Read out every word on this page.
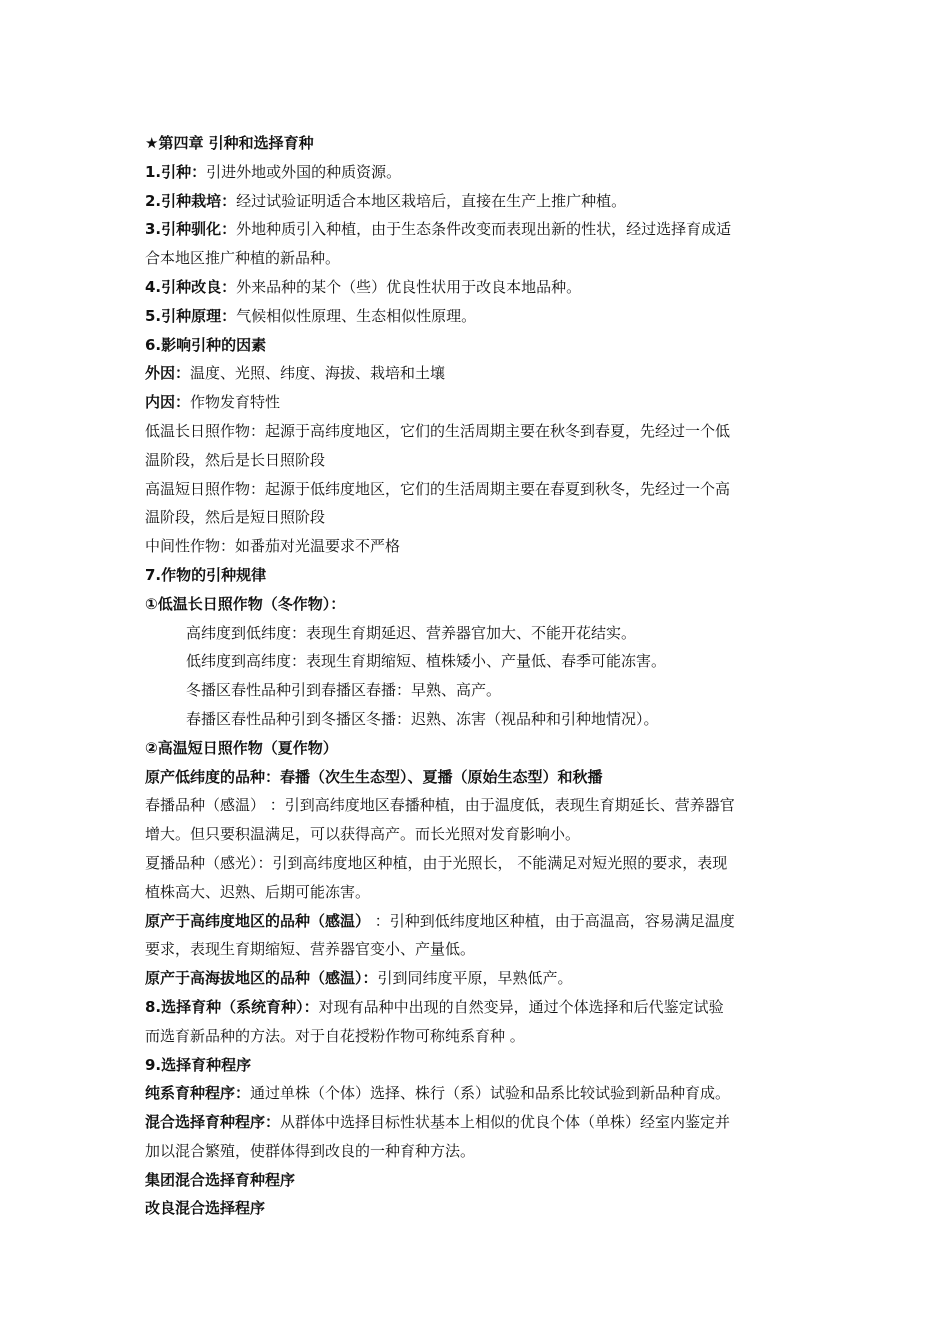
★第四章 引种和选择育种
1.引种：引进外地或外国的种质资源。
2.引种栽培：经过试验证明适合本地区栽培后，直接在生产上推广种植。
3.引种驯化：外地种质引入种植，由于生态条件改变而表现出新的性状，经过选择育成适
合本地区推广种植的新品种。
4.引种改良：外来品种的某个（些）优良性状用于改良本地品种。
5.引种原理：气候相似性原理、生态相似性原理。
6.影响引种的因素
外因：温度、光照、纬度、海拔、栽培和土壤
内因：作物发育特性
低温长日照作物：起源于高纬度地区，它们的生活周期主要在秋冬到春夏，先经过一个低
温阶段，然后是长日照阶段
高温短日照作物：起源于低纬度地区，它们的生活周期主要在春夏到秋冬，先经过一个高
温阶段，然后是短日照阶段
中间性作物：如番茄对光温要求不严格
7.作物的引种规律
①低温长日照作物（冬作物）：
高纬度到低纬度：表现生育期延迟、营养器官加大、不能开花结实。
低纬度到高纬度：表现生育期缩短、植株矮小、产量低、春季可能冻害。
冬播区春性品种引到春播区春播：早熟、高产。
春播区春性品种引到冬播区冬播：迟熟、冻害（视品种和引种地情况）。
②高温短日照作物（夏作物）
原产低纬度的品种：春播（次生生态型）、夏播（原始生态型）和秋播
春播品种（感温） ：引到高纬度地区春播种植，由于温度低，表现生育期延长、营养器官
增大。但只要积温满足，可以获得高产。而长光照对发育影响小。
夏播品种（感光）：引到高纬度地区种植，由于光照长， 不能满足对短光照的要求，表现
植株高大、迟熟、后期可能冻害。
原产于高纬度地区的品种（感温） ：引种到低纬度地区种植，由于高温高，容易满足温度
要求，表现生育期缩短、营养器官变小、产量低。
原产于高海拔地区的品种（感温）：引到同纬度平原，早熟低产。
8.选择育种（系统育种）：对现有品种中出现的自然变异，通过个体选择和后代鉴定试验
而选育新品种的方法。对于自花授粉作物可称纯系育种 。
9.选择育种程序
纯系育种程序：通过单株（个体）选择、株行（系）试验和品系比较试验到新品种育成。
混合选择育种程序：从群体中选择目标性状基本上相似的优良个体（单株）经室内鉴定并
加以混合繁殖，使群体得到改良的一种育种方法。
集团混合选择育种程序
改良混合选择程序
